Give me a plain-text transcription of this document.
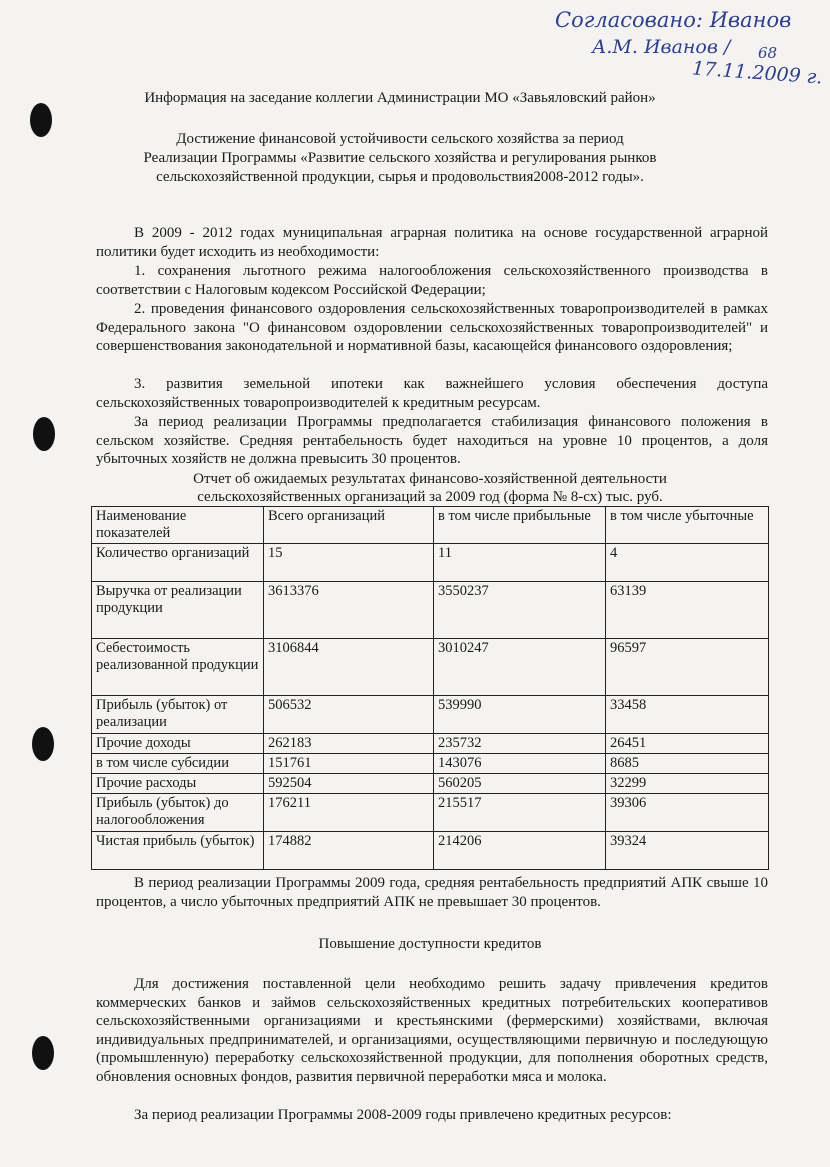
Согласовано: Иванов
А.М. Иванов / 68
17.11.2009 г.
Информация на заседание коллегии Администрации МО «Завьяловский район»
Достижение финансовой устойчивости сельского хозяйства за период
Реализации Программы «Развитие сельского хозяйства и регулирования рынков
сельскохозяйственной продукции, сырья и продовольствия2008-2012 годы».

В 2009 - 2012 годах муниципальная аграрная политика на основе государственной аграрной политики будет исходить из необходимости:

1. сохранения льготного режима налогообложения сельскохозяйственного производства в соответствии с Налоговым кодексом Российской Федерации;

2. проведения финансового оздоровления сельскохозяйственных товаропроизводителей в рамках Федерального закона "О финансовом оздоровлении сельскохозяйственных товаропроизводителей" и совершенствования законодательной и нормативной базы, касающейся финансового оздоровления;

3. развития земельной ипотеки как важнейшего условия обеспечения доступа сельскохозяйственных товаропроизводителей к кредитным ресурсам.

За период реализации Программы предполагается стабилизация финансового положения в сельском хозяйстве. Средняя рентабельность будет находиться на уровне 10 процентов, а доля убыточных хозяйств не должна превысить 30 процентов.

Отчет об ожидаемых результатах финансово-хозяйственной деятельности
сельскохозяйственных организаций за 2009 год (форма № 8-сх) тыс. руб.
Наименование показателей	Всего организаций	в том числе прибыльные	в том числе убыточные
Количество организаций	15	11	4
Выручка от реализации продукции	3613376	3550237	63139
Себестоимость реализованной продукции	3106844	3010247	96597
Прибыль (убыток) от реализации	506532	539990	33458
Прочие доходы	262183	235732	26451
в том числе субсидии	151761	143076	8685
Прочие расходы	592504	560205	32299
Прибыль (убыток) до налогообложения	176211	215517	39306
Чистая прибыль (убыток)	174882	214206	39324

В период реализации Программы 2009 года, средняя рентабельность предприятий АПК свыше 10 процентов, а число убыточных предприятий АПК не превышает 30 процентов.

Повышение доступности кредитов

Для достижения поставленной цели необходимо решить задачу привлечения кредитов коммерческих банков и займов сельскохозяйственных кредитных потребительских кооперативов сельскохозяйственными организациями и крестьянскими (фермерскими) хозяйствами, включая индивидуальных предпринимателей, и организациями, осуществляющими первичную и последующую (промышленную) переработку сельскохозяйственной продукции, для пополнения оборотных средств, обновления основных фондов, развития первичной переработки мяса и молока.

За период реализации Программы 2008-2009 годы привлечено кредитных ресурсов:
